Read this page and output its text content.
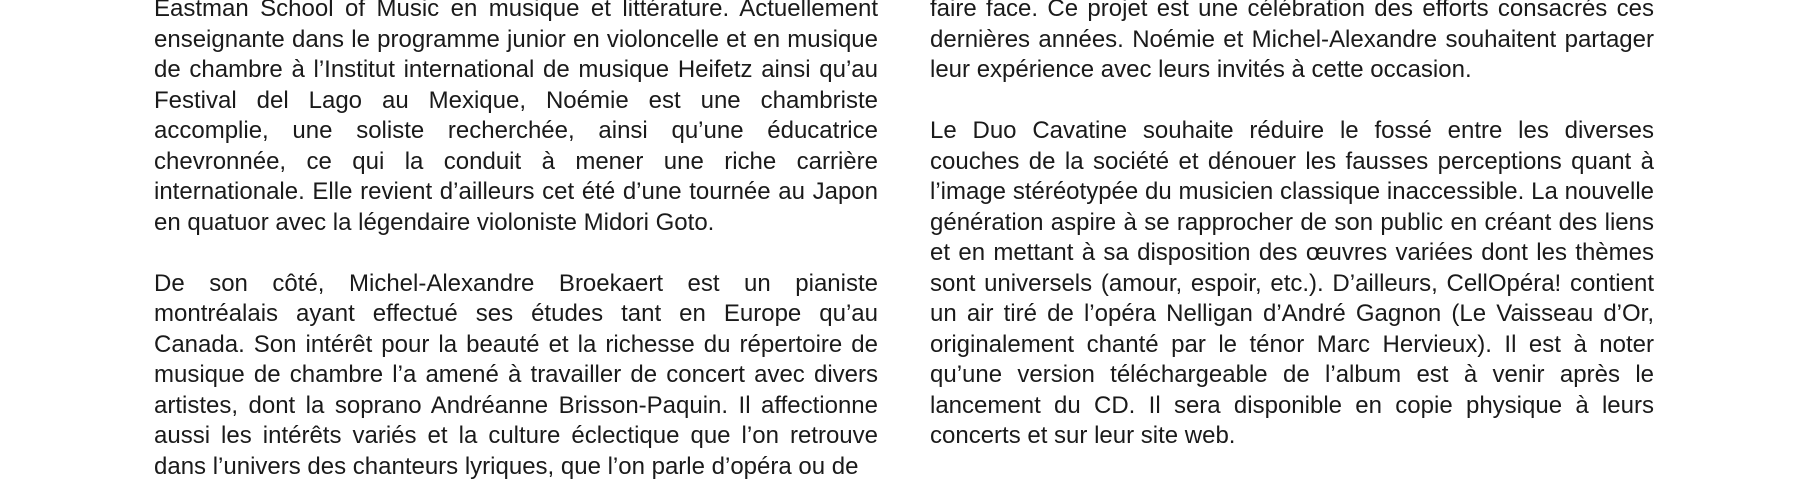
Eastman School of Music en musique et littérature. Actuellement enseignante dans le programme junior en violoncelle et en musique de chambre à l’Institut international de musique Heifetz ainsi qu’au Festival del Lago au Mexique, Noémie est une chambriste accomplie, une soliste recherchée, ainsi qu’une éducatrice chevronnée, ce qui la conduit à mener une riche carrière internationale. Elle revient d’ailleurs cet été d’une tournée au Japon en quatuor avec la légendaire violoniste Midori Goto.

De son côté, Michel-Alexandre Broekaert est un pianiste montréalais ayant effectué ses études tant en Europe qu’au Canada. Son intérêt pour la beauté et la richesse du répertoire de musique de chambre l’a amené à travailler de concert avec divers artistes, dont la soprano Andréanne Brisson-Paquin. Il affectionne aussi les intérêts variés et la culture éclectique que l’on retrouve dans l’univers des chanteurs lyriques, que l’on parle d’opéra ou de

faire face. Ce projet est une célébration des efforts consacrés ces dernières années. Noémie et Michel-Alexandre souhaitent partager leur expérience avec leurs invités à cette occasion.

Le Duo Cavatine souhaite réduire le fossé entre les diverses couches de la société et dénouer les fausses perceptions quant à l’image stéréotypée du musicien classique inaccessible. La nouvelle génération aspire à se rapprocher de son public en créant des liens et en mettant à sa disposition des œuvres variées dont les thèmes sont universels (amour, espoir, etc.). D’ailleurs, CellOpéra! contient un air tiré de l’opéra Nelligan d’André Gagnon (Le Vaisseau d’Or, originalement chanté par le ténor Marc Hervieux). Il est à noter qu’une version téléchargeable de l’album est à venir après le lancement du CD. Il sera disponible en copie physique à leurs concerts et sur leur site web.
